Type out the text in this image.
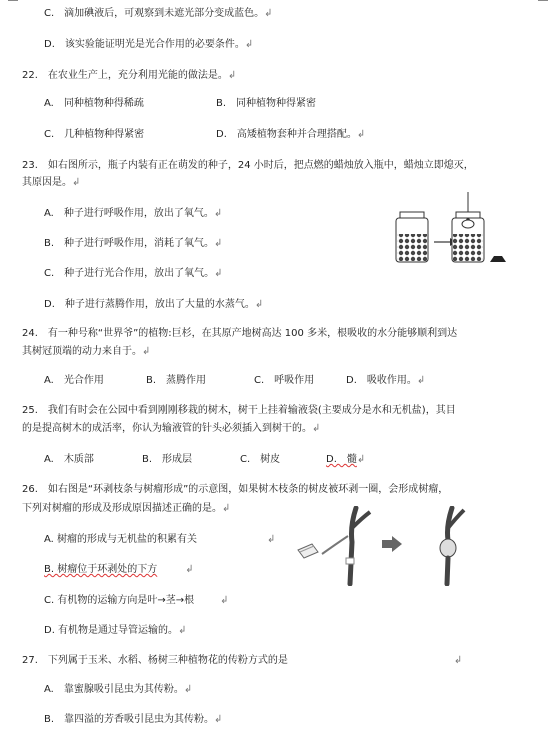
C.　滴加碘液后，可观察到未遮光部分变成蓝色。↲
D.　该实验能证明光是光合作用的必要条件。↲
22.　在农业生产上，充分利用光能的做法是。↲
A.　同种植物种得稀疏	B.　同种植物种得紧密
C.　几种植物种得紧密	D.　高矮植物套种并合理搭配。↲
23.　如右图所示，瓶子内装有正在萌发的种子，24 小时后，把点燃的蜡烛放入瓶中，蜡烛立即熄灭，
其原因是。↲
A.　种子进行呼吸作用，放出了氧气。↲
B.　种子进行呼吸作用，消耗了氧气。↲
C.　种子进行光合作用，放出了氧气。↲
D.　种子进行蒸腾作用，放出了大量的水蒸气。↲
24.　有一种号称“世界爷”的植物:巨杉，在其原产地树高达 100 多米，根吸收的水分能够顺利到达
其树冠顶端的动力来自于。↲
A.　光合作用	B.　蒸腾作用	C.　呼吸作用	D.　吸收作用。↲
25.　我们有时会在公园中看到刚刚移栽的树木，树干上挂着输液袋(主要成分是水和无机盐)，其目
的是提高树木的成活率，你认为输液管的针头必须插入到树干的。↲
A.　木质部	B.　形成层	C.　树皮	D.　髓↲
26.　如右图是“环剥枝条与树瘤形成”的示意图，如果树木枝条的树皮被环剥一圈，会形成树瘤，
下列对树瘤的形成及形成原因描述正确的是。↲
A. 树瘤的形成与无机盐的积累有关	↲
B. 树瘤位于环剥处的下方	↲
C. 有机物的运输方向是叶→茎→根	↲
D. 有机物是通过导管运输的。↲
27.　下列属于玉米、水稻、杨树三种植物花的传粉方式的是	↲
A.　靠蜜腺吸引昆虫为其传粉。↲
B.　靠四溢的芳香吸引昆虫为其传粉。↲
